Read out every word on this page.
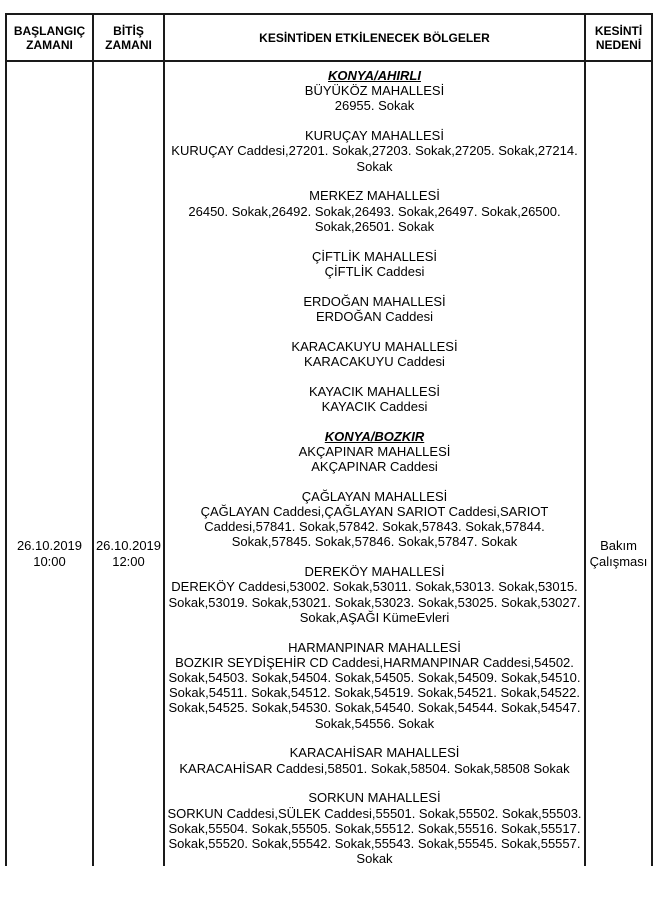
BAŞLANGIÇ ZAMANI
BİTİŞ ZAMANI	KESİNTİDEN ETKİLENECEK BÖLGELER	KESİNTİ NEDENİ
26.10.2019
10:00
26.10.2019
12:00
KONYA/AHIRLI
BÜYÜKÖZ MAHALLESİ
26955. Sokak
KURUÇAY MAHALLESİ
KURUÇAY Caddesi,27201. Sokak,27203. Sokak,27205. Sokak,27214. Sokak
MERKEZ MAHALLESİ
26450. Sokak,26492. Sokak,26493. Sokak,26497. Sokak,26500. Sokak,26501. Sokak
ÇİFTLİK MAHALLESİ
ÇİFTLİK Caddesi
ERDOĞAN MAHALLESİ
ERDOĞAN Caddesi
KARACAKUYU MAHALLESİ
KARACAKUYU Caddesi
KAYACIK MAHALLESİ
KAYACIK Caddesi
KONYA/BOZKIR
AKÇAPINAR MAHALLESİ
AKÇAPINAR Caddesi
ÇAĞLAYAN MAHALLESİ
ÇAĞLAYAN Caddesi,ÇAĞLAYAN SARIOT Caddesi,SARIOT Caddesi,57841. Sokak,57842. Sokak,57843. Sokak,57844. Sokak,57845. Sokak,57846. Sokak,57847. Sokak
DEREKÖY MAHALLESİ
DEREKÖY Caddesi,53002. Sokak,53011. Sokak,53013. Sokak,53015. Sokak,53019. Sokak,53021. Sokak,53023. Sokak,53025. Sokak,53027. Sokak,AŞAĞI KümeEvleri
HARMANPINAR MAHALLESİ
BOZKIR SEYDİŞEHİR CD Caddesi,HARMANPINAR Caddesi,54502. Sokak,54503. Sokak,54504. Sokak,54505. Sokak,54509. Sokak,54510. Sokak,54511. Sokak,54512. Sokak,54519. Sokak,54521. Sokak,54522. Sokak,54525. Sokak,54530. Sokak,54540. Sokak,54544. Sokak,54547. Sokak,54556. Sokak
KARACAHİSAR MAHALLESİ
KARACAHİSAR Caddesi,58501. Sokak,58504. Sokak,58508 Sokak
SORKUN MAHALLESİ
SORKUN Caddesi,SÜLEK Caddesi,55501. Sokak,55502. Sokak,55503. Sokak,55504. Sokak,55505. Sokak,55512. Sokak,55516. Sokak,55517. Sokak,55520. Sokak,55542. Sokak,55543. Sokak,55545. Sokak,55557. Sokak
Bakım Çalışması
